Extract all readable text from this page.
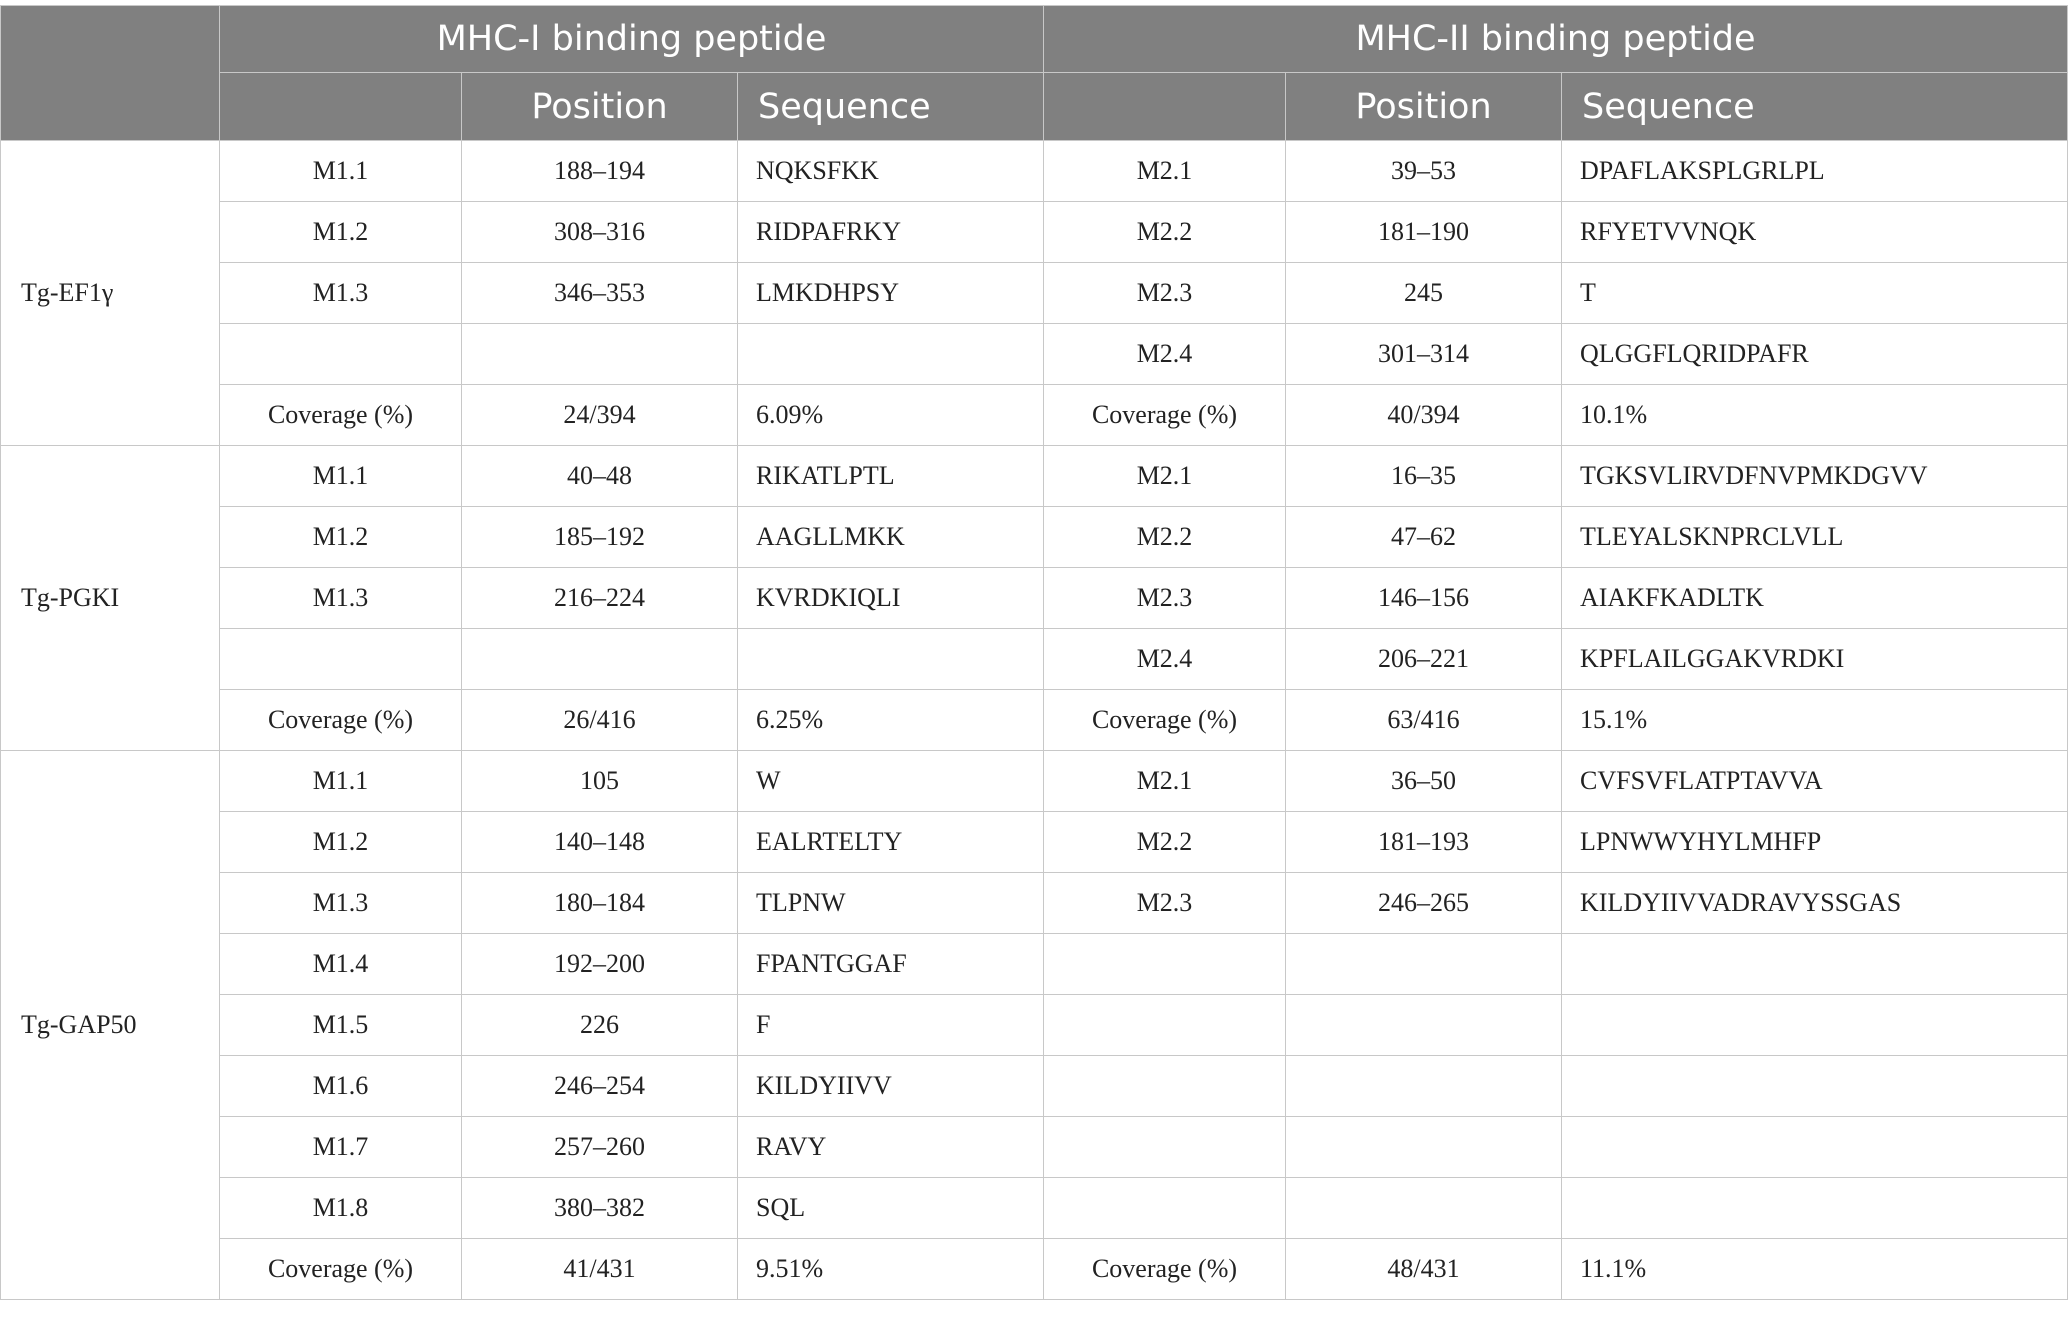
	MHC-I binding peptide			MHC-II binding peptide		
		Position	Sequence		Position	Sequence
Tg-EF1γ	M1.1	188–194	NQKSFKK	M2.1	39–53	DPAFLAKSPLGRLPL
	M1.2	308–316	RIDPAFRKY	M2.2	181–190	RFYETVVNQK
	M1.3	346–353	LMKDHPSY	M2.3	245	T
				M2.4	301–314	QLGGFLQRIDPAFR
	Coverage (%)	24/394	6.09%	Coverage (%)	40/394	10.1%
Tg-PGKI	M1.1	40–48	RIKATLPTL	M2.1	16–35	TGKSVLIRVDFNVPMKDGVV
	M1.2	185–192	AAGLLMKK	M2.2	47–62	TLEYALSKNPRCLVLL
	M1.3	216–224	KVRDKIQLI	M2.3	146–156	AIAKFKADLTK
				M2.4	206–221	KPFLAILGGAKVRDKI
	Coverage (%)	26/416	6.25%	Coverage (%)	63/416	15.1%
Tg-GAP50	M1.1	105	W	M2.1	36–50	CVFSVFLATPTAVVA
	M1.2	140–148	EALRTELTY	M2.2	181–193	LPNWWYHYLMHFP
	M1.3	180–184	TLPNW	M2.3	246–265	KILDYIIVVADRAVYSSGAS
	M1.4	192–200	FPANTGGAF			
	M1.5	226	F			
	M1.6	246–254	KILDYIIVV			
	M1.7	257–260	RAVY			
	M1.8	380–382	SQL			
	Coverage (%)	41/431	9.51%	Coverage (%)	48/431	11.1%
